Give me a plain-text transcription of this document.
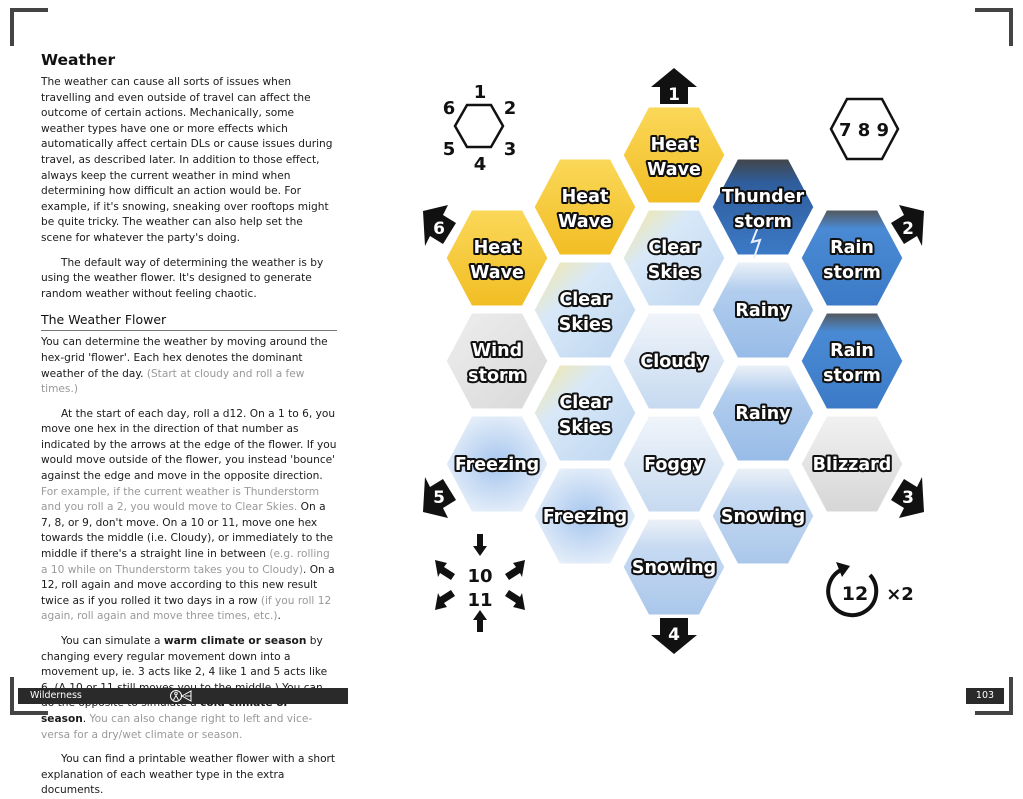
Weather

The weather can cause all sorts of issues when travelling and even outside of travel can affect the outcome of certain actions. Mechanically, some weather types have one or more effects which automatically affect certain DLs or cause issues during travel, as described later. In addition to those effect, always keep the current weather in mind when determining how difficult an action would be. For example, if it's snowing, sneaking over rooftops might be quite tricky. The weather can also help set the scene for whatever the party's doing.

The default way of determining the weather is by using the weather flower. It's designed to generate random weather without feeling chaotic.

The Weather Flower

You can determine the weather by moving around the hex-grid 'flower'. Each hex denotes the dominant weather of the day. (Start at cloudy and roll a few times.)

At the start of each day, roll a d12. On a 1 to 6, you move one hex in the direction of that number as indicated by the arrows at the edge of the flower. If you would move outside of the flower, you instead 'bounce' against the edge and move in the opposite direction. For example, if the current weather is Thunderstorm and you roll a 2, you would move to Clear Skies. On a 7, 8, or 9, don't move. On a 10 or 11, move one hex towards the middle (i.e. Cloudy), or immediately to the middle if there's a straight line in between (e.g. rolling a 10 while on Thunderstorm takes you to Cloudy). On a 12, roll again and move according to this new result twice as if you rolled it two days in a row (if you roll 12 again, roll again and move three times, etc.).

You can simulate a warm climate or season by changing every regular movement down into a movement up, ie. 3 acts like 2, 4 like 1 and 5 acts like season. You can also change right to left and vice-versa for a dry/wet climate or season.

You can find a printable weather flower with a short explanation of each weather type in the extra documents.

Wilderness	103
Heat
Wave
Heat
Wave
Heat
Wave
Thunder
storm
Clear
Skies
Rain
storm
Clear
Skies
Rainy
Wind
storm
Cloudy
Rain
storm
Clear
Skies
Rainy
Freezing	Foggy	Blizzard
Freezing	Snowing
Snowing
1
4
6	2
5	3
1
2
3
4
5
6
7 8 9
10
11	12 ×2
